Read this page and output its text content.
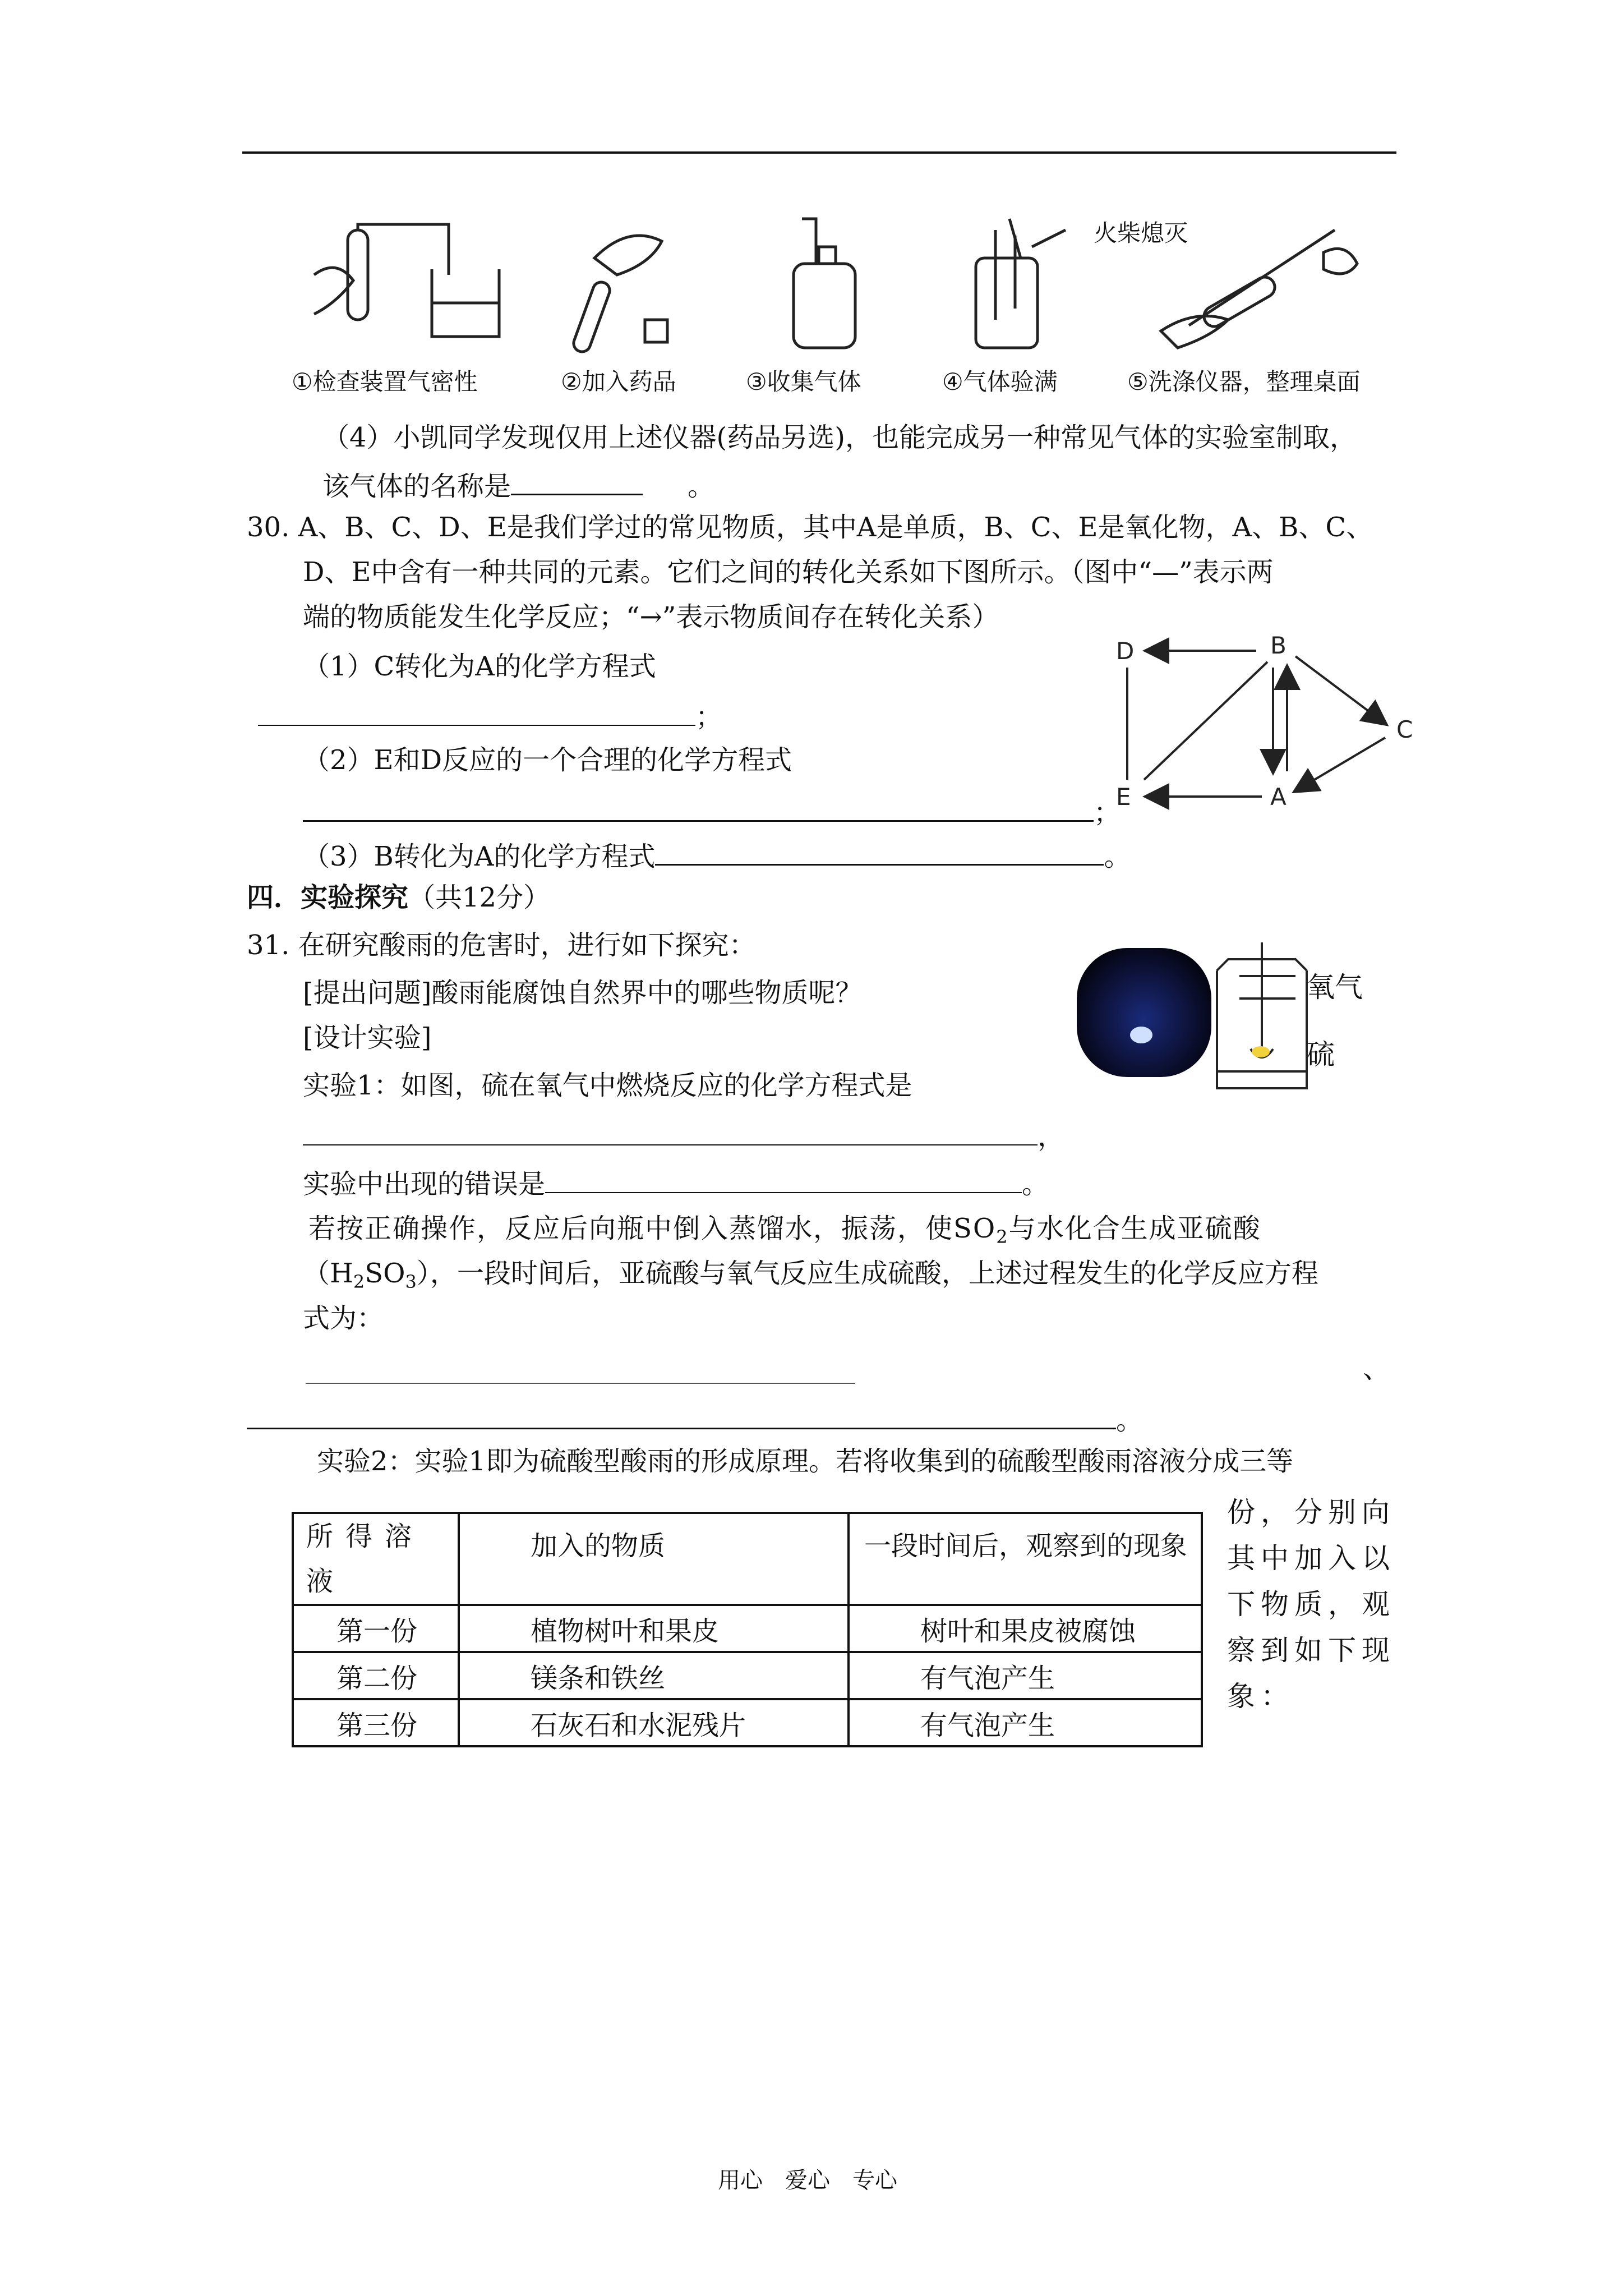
火柴熄灭
①检查装置气密性	②加入药品	③收集气体	④气体验满	⑤洗涤仪器，整理桌面
（4）小凯同学发现仅用上述仪器(药品另选)，也能完成另一种常见气体的实验室制取，
该气体的名称是	。
30. A、B、C、D、E是我们学过的常见物质，其中A是单质，B、C、E是氧化物，A、B、C、
D、E中含有一种共同的元素。它们之间的转化关系如下图所示。（图中“—”表示两
端的物质能发生化学反应；“→”表示物质间存在转化关系）
（1）C转化为A的化学方程式
；
（2）E和D反应的一个合理的化学方程式
；
（3）B转化为A的化学方程式	。
D	B
C
E	A
四．实验探究（共12分）
31. 在研究酸雨的危害时，进行如下探究：
[提出问题]酸雨能腐蚀自然界中的哪些物质呢？
[设计实验]
实验1：如图，硫在氧气中燃烧反应的化学方程式是
，
实验中出现的错误是	。
若按正确操作，反应后向瓶中倒入蒸馏水，振荡，使$SO_2$与水化合生成亚硫酸
$(H_2SO_3)$，一段时间后，亚硫酸与氧气反应生成硫酸，上述过程发生的化学反应方程
式为：
、
。
氧气
硫
实验2：实验1即为硫酸型酸雨的形成原理。若将收集到的硫酸型酸雨溶液分成三等
份，分别向
其中加入以
下物质，观
察到如下现
象：
所得溶液	加入的物质	一段时间后，观察到的现象
第一份	植物树叶和果皮	树叶和果皮被腐蚀
第二份	镁条和铁丝	有气泡产生
第三份	石灰石和水泥残片	有气泡产生
用心　爱心　专心
